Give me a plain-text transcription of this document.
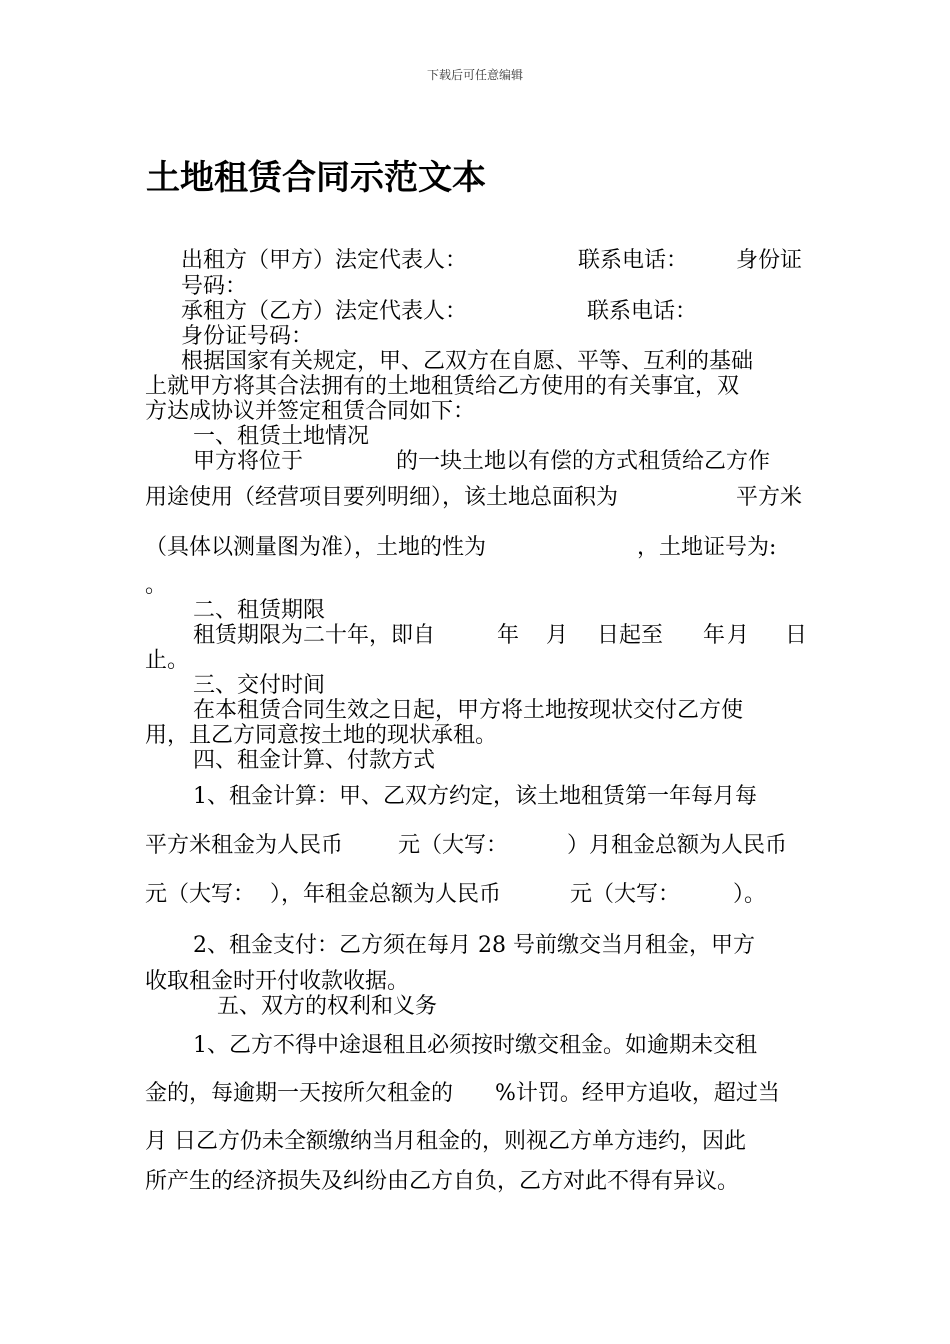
下载后可任意编辑
土地租赁合同示范文本
出租方（甲方）法定代表人：	联系电话： 身份证
号码：
承租方（乙方）法定代表人：	联系电话：
身份证号码：
根据国家有关规定，甲、乙双方在自愿、平等、互利的基础
上就甲方将其合法拥有的土地租赁给乙方使用的有关事宜，双
方达成协议并签定租赁合同如下：
一、租赁土地情况
甲方将位于	的一块土地以有偿的方式租赁给乙方作
用途使用（经营项目要列明细），该土地总面积为	平方米
（具体以测量图为准），土地的性为	，土地证号为:
。
二、租赁期限
租赁期限为二十年，即自	年 月 日起至 年 月 日
止。
三、交付时间
在本租赁合同生效之日起，甲方将土地按现状交付乙方使
用，且乙方同意按土地的现状承租。
四、租金计算、付款方式
1、租金计算：甲、乙双方约定，该土地租赁第一年每月每
平方米租金为人民币 元（大写：	）月租金总额为人民币
元（大写： ），年租金总额为人民币	元（大写： ）。
2、租金支付：乙方须在每月 28 号前缴交当月租金，甲方
收取租金时开付收款收据。
五、双方的权利和义务
1、乙方不得中途退租且必须按时缴交租金。如逾期未交租
金的，每逾期一天按所欠租金的 %计罚。经甲方追收，超过当
月 日乙方仍未全额缴纳当月租金的，则视乙方单方违约，因此
所产生的经济损失及纠纷由乙方自负，乙方对此不得有异议。
